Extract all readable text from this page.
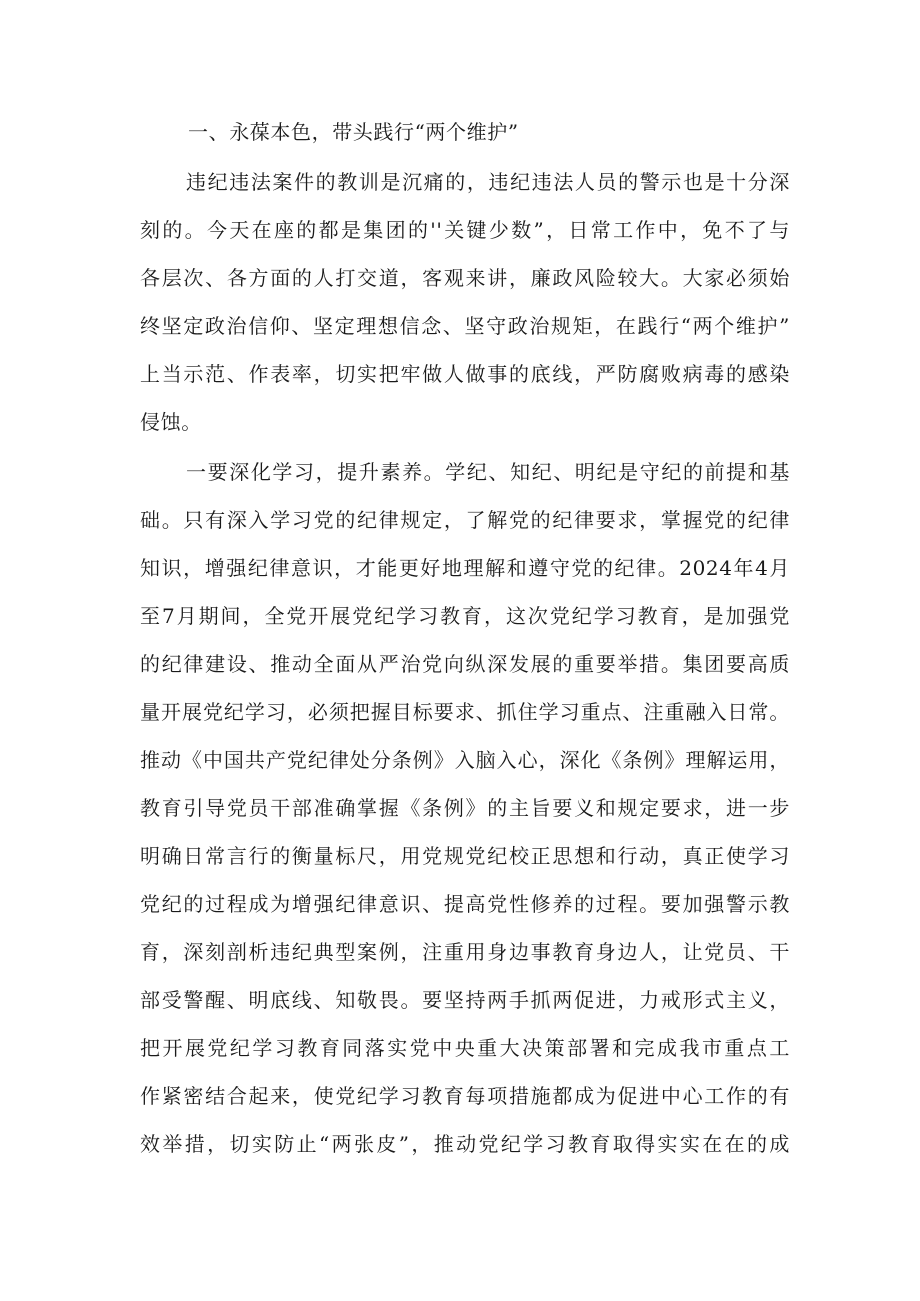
一、永葆本色，带头践行“两个维护”
违纪违法案件的教训是沉痛的，违纪违法人员的警示也是十分深
刻的。今天在座的都是集团的''关键少数”，日常工作中，免不了与
各层次、各方面的人打交道，客观来讲，廉政风险较大。大家必须始
终坚定政治信仰、坚定理想信念、坚守政治规矩，在践行“两个维护”
上当示范、作表率，切实把牢做人做事的底线，严防腐败病毒的感染
侵蚀。
一要深化学习，提升素养。学纪、知纪、明纪是守纪的前提和基
础。只有深入学习党的纪律规定，了解党的纪律要求，掌握党的纪律
知识，增强纪律意识，才能更好地理解和遵守党的纪律。2024年4月
至7月期间，全党开展党纪学习教育，这次党纪学习教育，是加强党
的纪律建设、推动全面从严治党向纵深发展的重要举措。集团要高质
量开展党纪学习，必须把握目标要求、抓住学习重点、注重融入日常。
推动《中国共产党纪律处分条例》入脑入心，深化《条例》理解运用，
教育引导党员干部准确掌握《条例》的主旨要义和规定要求，进一步
明确日常言行的衡量标尺，用党规党纪校正思想和行动，真正使学习
党纪的过程成为增强纪律意识、提高党性修养的过程。要加强警示教
育，深刻剖析违纪典型案例，注重用身边事教育身边人，让党员、干
部受警醒、明底线、知敬畏。要坚持两手抓两促进，力戒形式主义，
把开展党纪学习教育同落实党中央重大决策部署和完成我市重点工
作紧密结合起来，使党纪学习教育每项措施都成为促进中心工作的有
效举措，切实防止“两张皮”，推动党纪学习教育取得实实在在的成
